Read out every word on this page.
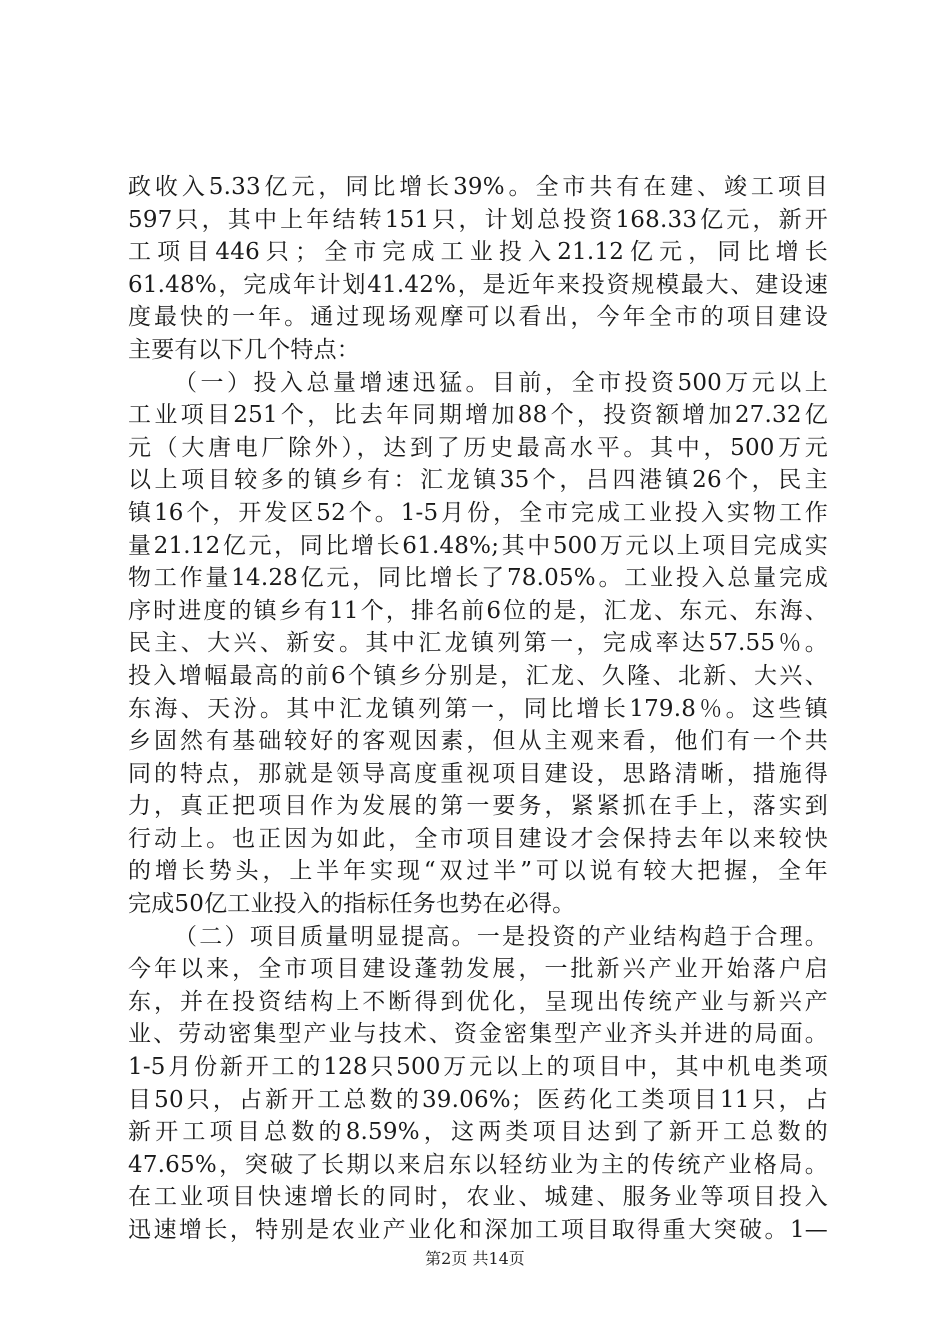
政收入5.33亿元，同比增长39%。全市共有在建、竣工项目
597只，其中上年结转151只，计划总投资168.33亿元，新开
工项目446只；全市完成工业投入21.12亿元，同比增长
61.48%，完成年计划41.42%，是近年来投资规模最大、建设速
度最快的一年。通过现场观摩可以看出，今年全市的项目建设
主要有以下几个特点：
（一）投入总量增速迅猛。目前，全市投资500万元以上
工业项目251个，比去年同期增加88个，投资额增加27.32亿
元（大唐电厂除外），达到了历史最高水平。其中，500万元
以上项目较多的镇乡有：汇龙镇35个，吕四港镇26个，民主
镇16个，开发区52个。1-5月份，全市完成工业投入实物工作
量21.12亿元，同比增长61.48%;其中500万元以上项目完成实
物工作量14.28亿元，同比增长了78.05%。工业投入总量完成
序时进度的镇乡有11个，排名前6位的是，汇龙、东元、东海、
民主、大兴、新安。其中汇龙镇列第一，完成率达57.55％。
投入增幅最高的前6个镇乡分别是，汇龙、久隆、北新、大兴、
东海、天汾。其中汇龙镇列第一，同比增长179.8％。这些镇
乡固然有基础较好的客观因素，但从主观来看，他们有一个共
同的特点，那就是领导高度重视项目建设，思路清晰，措施得
力，真正把项目作为发展的第一要务，紧紧抓在手上，落实到
行动上。也正因为如此，全市项目建设才会保持去年以来较快
的增长势头，上半年实现“双过半”可以说有较大把握，全年
完成50亿工业投入的指标任务也势在必得。
（二）项目质量明显提高。一是投资的产业结构趋于合理。
今年以来，全市项目建设蓬勃发展，一批新兴产业开始落户启
东，并在投资结构上不断得到优化，呈现出传统产业与新兴产
业、劳动密集型产业与技术、资金密集型产业齐头并进的局面。
1-5月份新开工的128只500万元以上的项目中，其中机电类项
目50只，占新开工总数的39.06%；医药化工类项目11只，占
新开工项目总数的8.59%，这两类项目达到了新开工总数的
47.65%，突破了长期以来启东以轻纺业为主的传统产业格局。
在工业项目快速增长的同时，农业、城建、服务业等项目投入
迅速增长，特别是农业产业化和深加工项目取得重大突破。1—
第2页 共14页
